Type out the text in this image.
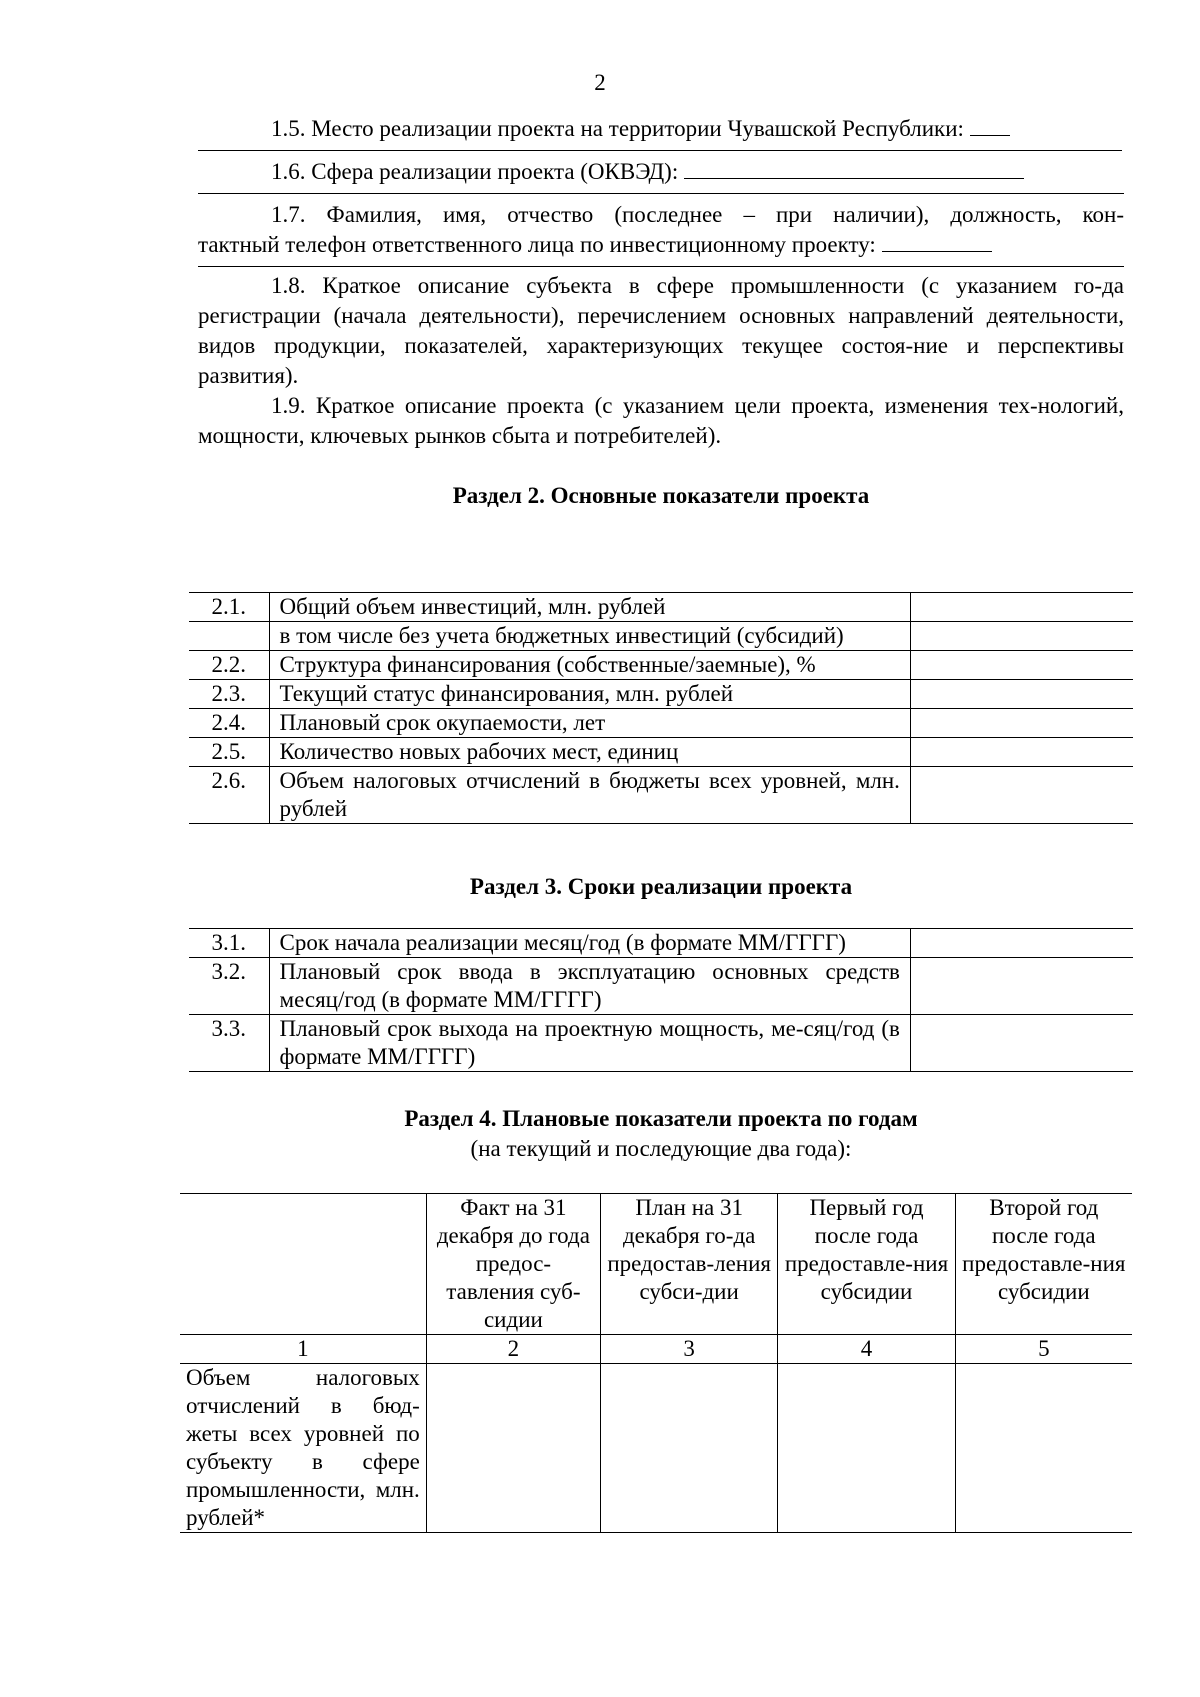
2

1.5. Место реализации проекта на территории Чувашской Республики:

1.6. Сфера реализации проекта (ОКВЭД):

1.7. Фамилия, имя, отчество (последнее – при наличии), должность, кон-

тактный телефон ответственного лица по инвестиционному проекту:

1.8. Краткое описание субъекта в сфере промышленности (с указанием го-да регистрации (начала деятельности), перечислением основных направлений деятельности, видов продукции, показателей, характеризующих текущее состоя-ние и перспективы развития).

1.9. Краткое описание проекта (с указанием цели проекта, изменения тех-нологий, мощности, ключевых рынков сбыта и потребителей).

Раздел 2. Основные показатели проекта

2.1.	Общий объем инвестиций, млн. рублей	
	в том числе без учета бюджетных инвестиций (субсидий)	
2.2.	Структура финансирования (собственные/заемные), %	
2.3.	Текущий статус финансирования, млн. рублей	
2.4.	Плановый срок окупаемости, лет	
2.5.	Количество новых рабочих мест, единиц	
2.6.	Объем налоговых отчислений в бюджеты всех уровней, млн. рублей	

Раздел 3. Сроки реализации проекта

3.1.	Срок начала реализации месяц/год (в формате ММ/ГГГГ)	
3.2.	Плановый срок ввода в эксплуатацию основных средств месяц/год (в формате ММ/ГГГГ)	
3.3.	Плановый срок выхода на проектную мощность, ме-сяц/год (в формате ММ/ГГГГ)	

Раздел 4. Плановые показатели проекта по годам

(на текущий и последующие два года):

	Факт на 31 декабря до года предос-тавления суб-сидии	План на 31 декабря го-да предостав-ления субси-дии	Первый год после года предоставле-ния субсидии	Второй год после года предоставле-ния субсидии
1	2	3	4	5
Объем налоговых отчислений в бюд-жеты всех уровней по субъекту в сфере промышленности, млн. рублей*				
